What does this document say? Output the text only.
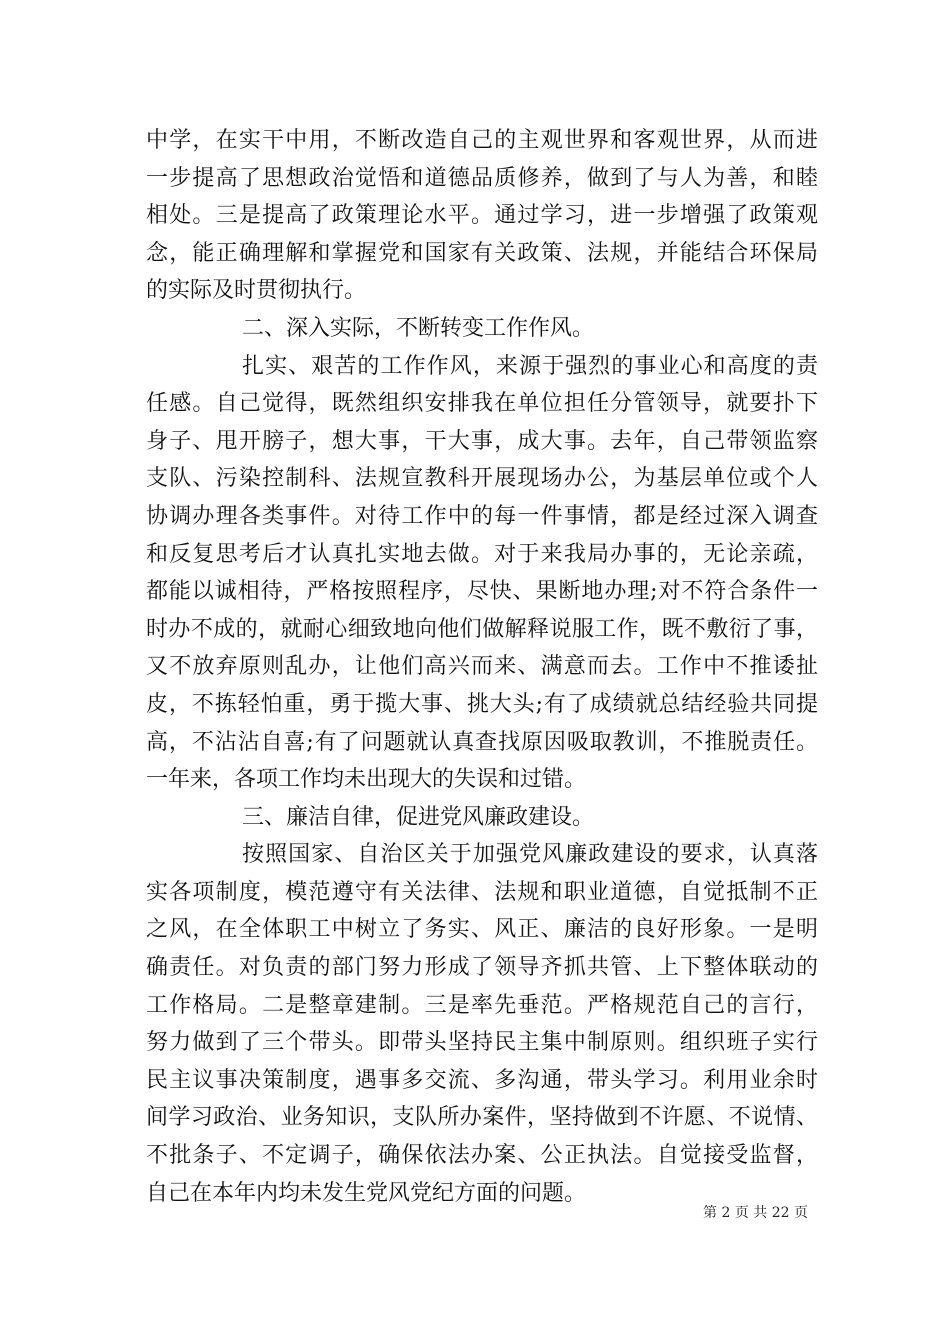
中学，在实干中用，不断改造自己的主观世界和客观世界，从而进
一步提高了思想政治觉悟和道德品质修养，做到了与人为善，和睦
相处。三是提高了政策理论水平。通过学习，进一步增强了政策观
念，能正确理解和掌握党和国家有关政策、法规，并能结合环保局
的实际及时贯彻执行。
二、深入实际，不断转变工作作风。
扎实、艰苦的工作作风，来源于强烈的事业心和高度的责
任感。自己觉得，既然组织安排我在单位担任分管领导，就要扑下
身子、甩开膀子，想大事，干大事，成大事。去年，自己带领监察
支队、污染控制科、法规宣教科开展现场办公，为基层单位或个人
协调办理各类事件。对待工作中的每一件事情，都是经过深入调查
和反复思考后才认真扎实地去做。对于来我局办事的，无论亲疏，
都能以诚相待，严格按照程序，尽快、果断地办理;对不符合条件一
时办不成的，就耐心细致地向他们做解释说服工作，既不敷衍了事，
又不放弃原则乱办，让他们高兴而来、满意而去。工作中不推诿扯
皮，不拣轻怕重，勇于揽大事、挑大头;有了成绩就总结经验共同提
高，不沾沾自喜;有了问题就认真查找原因吸取教训，不推脱责任。
一年来，各项工作均未出现大的失误和过错。
三、廉洁自律，促进党风廉政建设。
按照国家、自治区关于加强党风廉政建设的要求，认真落
实各项制度，模范遵守有关法律、法规和职业道德，自觉抵制不正
之风，在全体职工中树立了务实、风正、廉洁的良好形象。一是明
确责任。对负责的部门努力形成了领导齐抓共管、上下整体联动的
工作格局。二是整章建制。三是率先垂范。严格规范自己的言行，
努力做到了三个带头。即带头坚持民主集中制原则。组织班子实行
民主议事决策制度，遇事多交流、多沟通，带头学习。利用业余时
间学习政治、业务知识，支队所办案件，坚持做到不许愿、不说情、
不批条子、不定调子，确保依法办案、公正执法。自觉接受监督，
自己在本年内均未发生党风党纪方面的问题。
第 2 页 共 22 页
